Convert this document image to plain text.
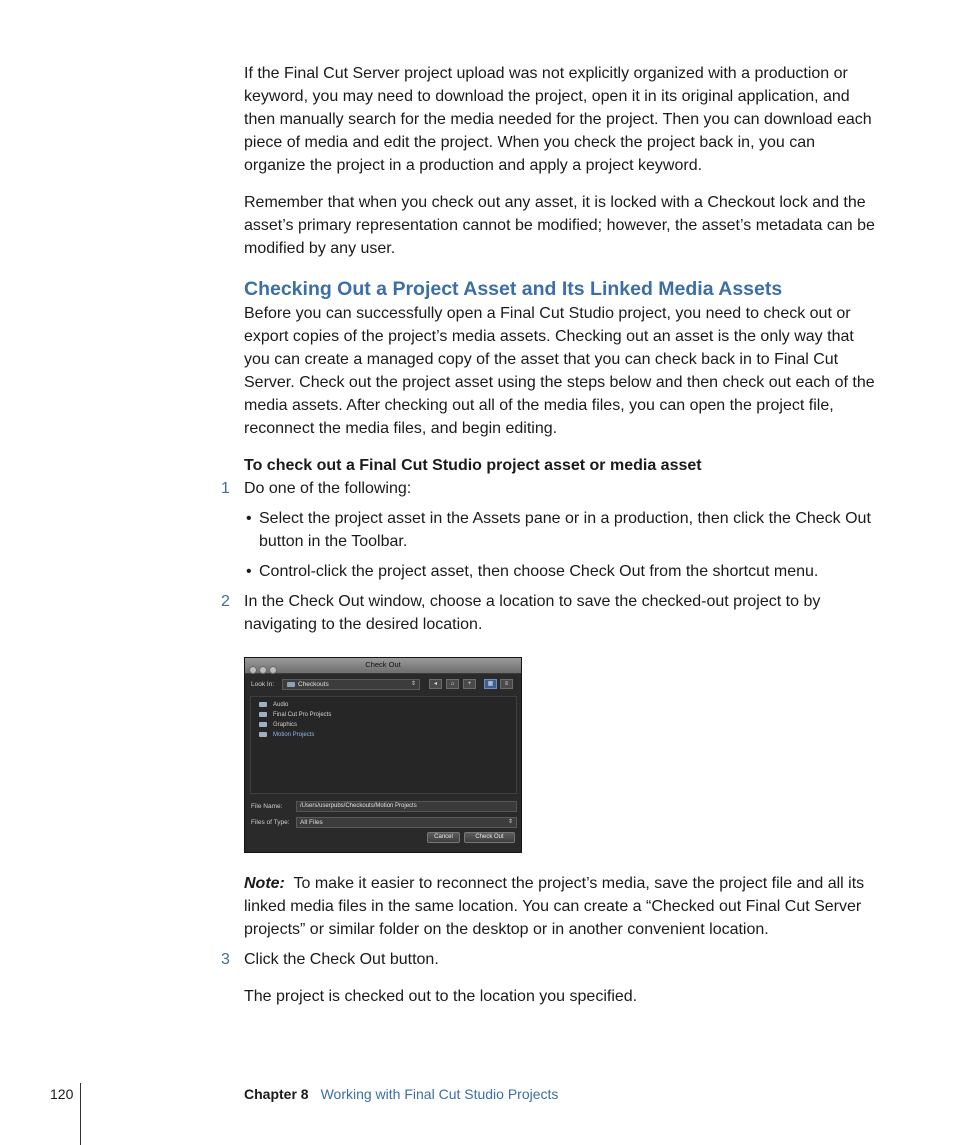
If the Final Cut Server project upload was not explicitly organized with a production or keyword, you may need to download the project, open it in its original application, and then manually search for the media needed for the project. Then you can download each piece of media and edit the project. When you check the project back in, you can organize the project in a production and apply a project keyword.

Remember that when you check out any asset, it is locked with a Checkout lock and the asset’s primary representation cannot be modified; however, the asset’s metadata can be modified by any user.

Checking Out a Project Asset and Its Linked Media Assets

Before you can successfully open a Final Cut Studio project, you need to check out or export copies of the project’s media assets. Checking out an asset is the only way that you can create a managed copy of the asset that you can check back in to Final Cut Server. Check out the project asset using the steps below and then check out each of the media assets. After checking out all of the media files, you can open the project file, reconnect the media files, and begin editing.

To check out a Final Cut Studio project asset or media asset

1 Do one of the following:

• Select the project asset in the Assets pane or in a production, then click the Check Out button in the Toolbar.
• Control-click the project asset, then choose Check Out from the shortcut menu.
2 In the Check Out window, choose a location to save the checked-out project to by navigating to the desired location.

Check Out
Look In:	Checkouts	⇕	◂	⌂	+	▦	≡
Audio
Final Cut Pro Projects
Graphics
Motion Projects
File Name:	/Users/userpubs/Checkouts/Motion Projects
Files of Type:	All Files	⇕
Cancel	Check Out

Note: To make it easier to reconnect the project’s media, save the project file and all its linked media files in the same location. You can create a “Checked out Final Cut Server projects” or similar folder on the desktop or in another convenient location.

3 Click the Check Out button.

The project is checked out to the location you specified.

120	Chapter 8 Working with Final Cut Studio Projects
